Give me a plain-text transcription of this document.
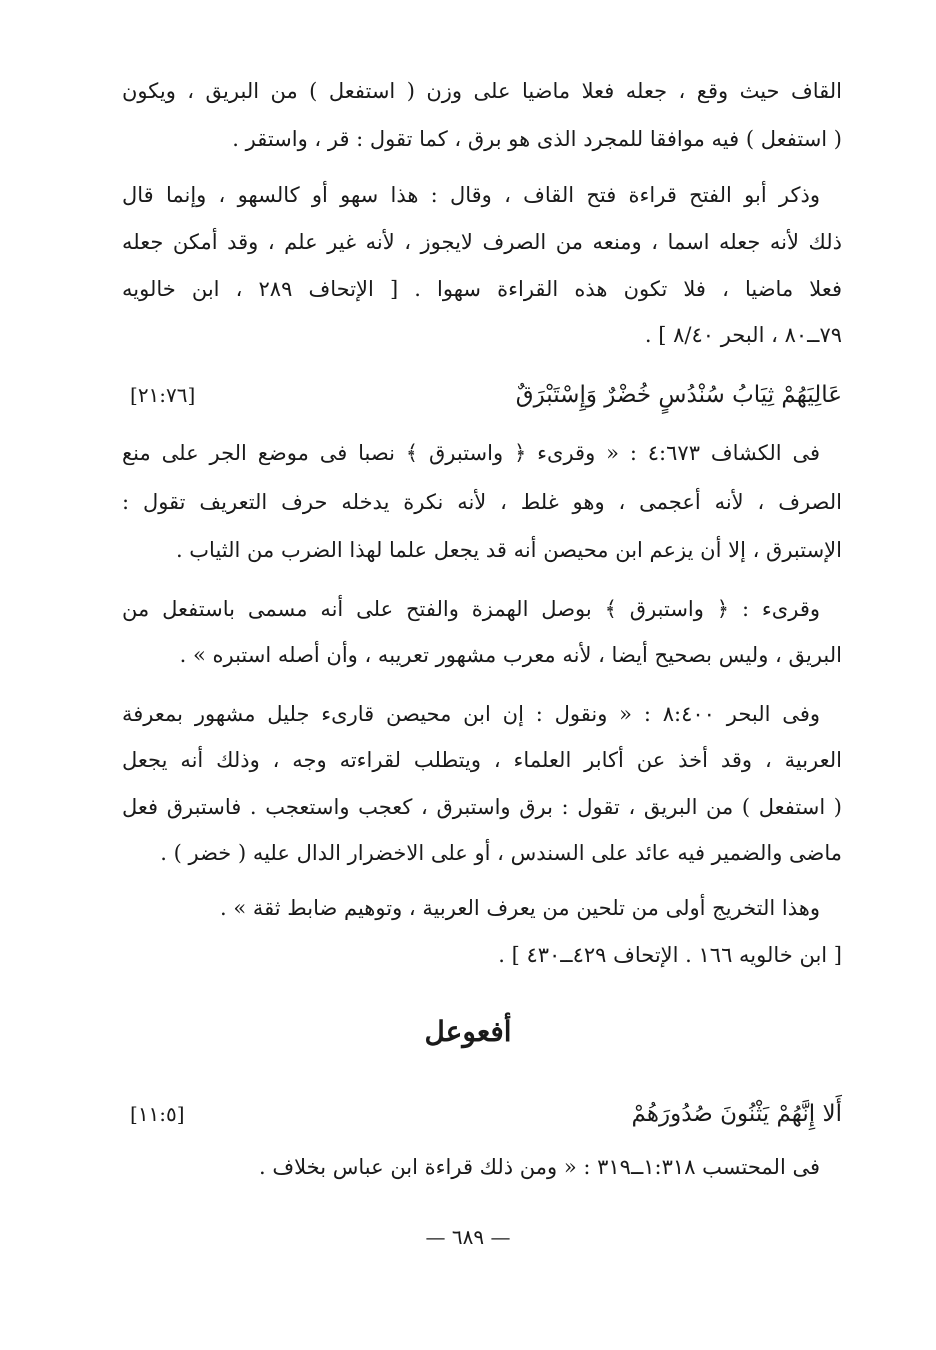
القاف حيث وقع ، جعله فعلا ماضيا على وزن ( استفعل ) من البريق ، ويكون
( استفعل ) فيه موافقا للمجرد الذى هو برق ، كما تقول : قر ، واستقر .
وذكر أبو الفتح قراءة فتح القاف ، وقال : هذا سهو أو كالسهو ، وإنما قال
ذلك لأنه جعله اسما ، ومنعه من الصرف لايجوز ، لأنه غير علم ، وقد أمكن جعله
فعلا ماضيا ، فلا تكون هذه القراءة سهوا . [ الإتحاف ٢٨٩ ، ابن خالويه
٧٩ــ٨٠ ، البحر ٨/٤٠ ] .
عَالِيَهُمْ ثِيَابُ سُنْدُسٍ خُضْرٌ وَإِسْتَبْرَقٌ
[٢١:٧٦]
فى الكشاف ٤:٦٧٣ : « وقرىء ﴿ واستبرق ﴾ نصبا فى موضع الجر على منع
الصرف ، لأنه أعجمى ، وهو غلط ، لأنه نكرة يدخله حرف التعريف تقول :
الإستبرق ، إلا أن يزعم ابن محيصن أنه قد يجعل علما لهذا الضرب من الثياب .
وقرىء : ﴿ واستبرق ﴾ بوصل الهمزة والفتح على أنه مسمى باستفعل من
البريق ، وليس بصحيح أيضا ، لأنه معرب مشهور تعريبه ، وأن أصله استبره » .
وفى البحر ٨:٤٠٠ : « ونقول : إن ابن محيصن قارىء جليل مشهور بمعرفة
العربية ، وقد أخذ عن أكابر العلماء ، ويتطلب لقراءته وجه ، وذلك أنه يجعل
( استفعل ) من البريق ، تقول : برق واستبرق ، كعجب واستعجب . فاستبرق فعل
ماضى والضمير فيه عائد على السندس ، أو على الاخضرار الدال عليه ( خضر ) .
وهذا التخريج أولى من تلحين من يعرف العربية ، وتوهيم ضابط ثقة » .
[ ابن خالويه ١٦٦ . الإتحاف ٤٢٩ــ٤٣٠ ] .
أفعوعل
أَلا إِنَّهُمْ يَثْنُونَ صُدُورَهُمْ
[١١:٥]
فى المحتسب ١:٣١٨ــ٣١٩ : « ومن ذلك قراءة ابن عباس بخلاف .
— ٦٨٩ —
